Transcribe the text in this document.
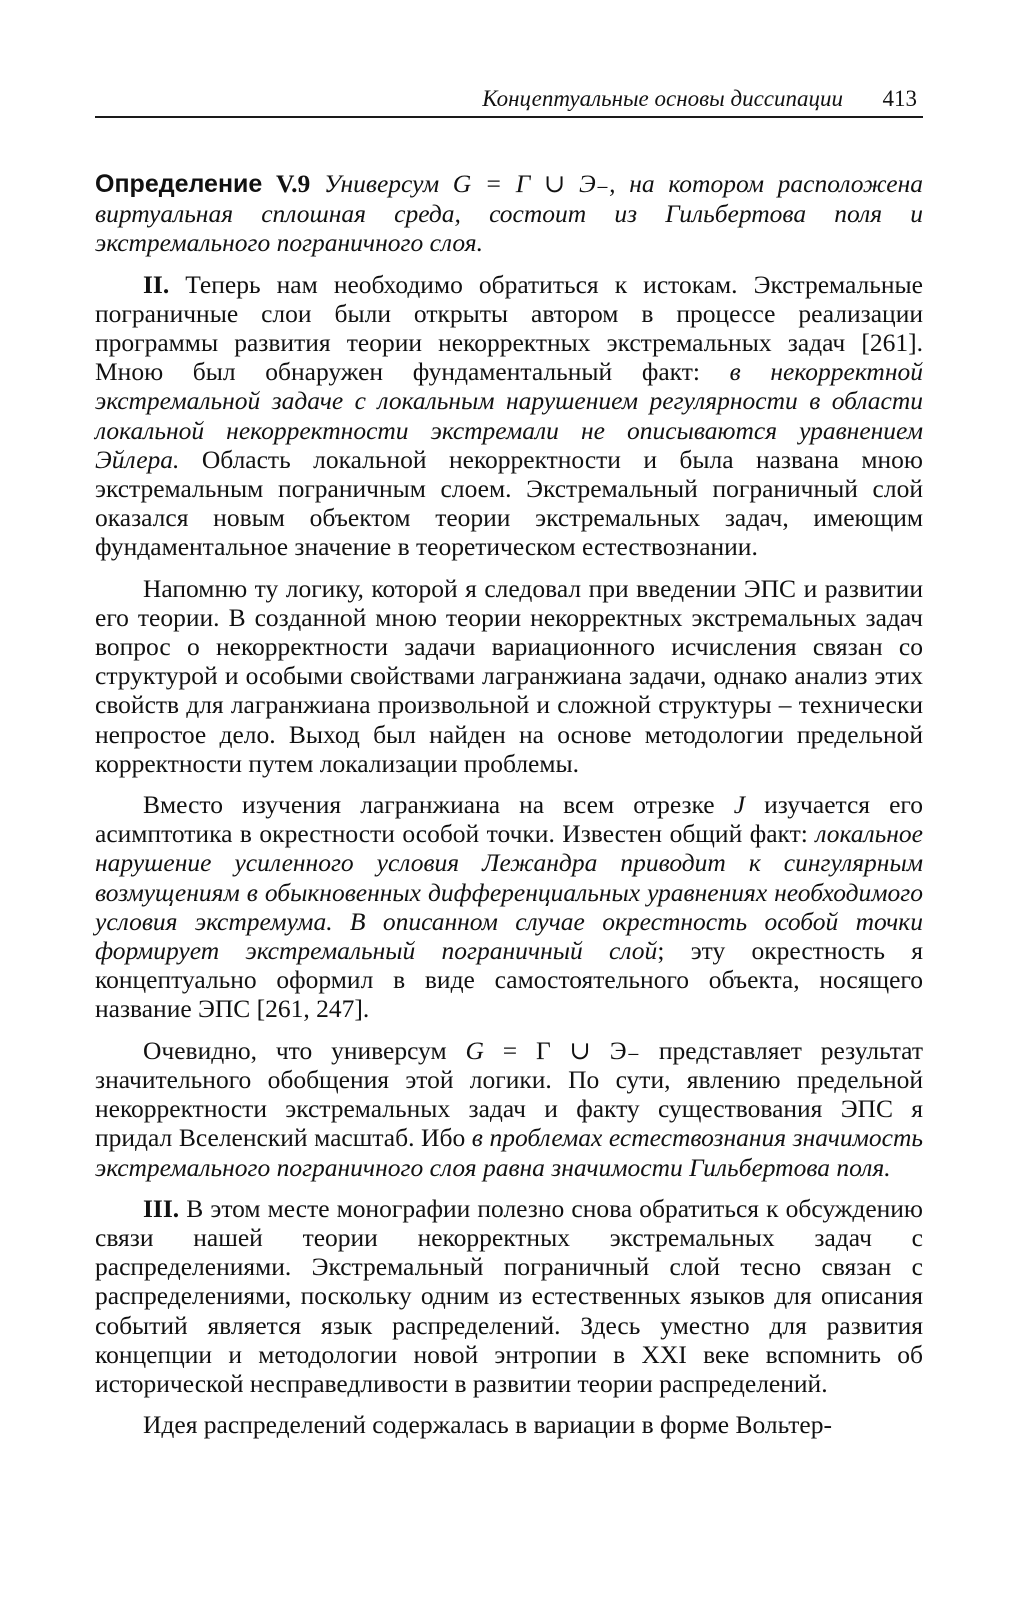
Концептуальные основы диссипации 413

Определение V.9 Универсум G = Γ ∪ Э₋, на котором расположена виртуальная сплошная среда, состоит из Гильбертова поля и экстремального пограничного слоя.

II. Теперь нам необходимо обратиться к истокам. Экстремальные пограничные слои были открыты автором в процессе реализации программы развития теории некорректных экстремальных задач [261]. Мною был обнаружен фундаментальный факт: в некорректной экстремальной задаче с локальным нарушением регулярности в области локальной некорректности экстремали не описываются уравнением Эйлера. Область локальной некорректности и была названа мною экстремальным пограничным слоем. Экстремальный пограничный слой оказался новым объектом теории экстремальных задач, имеющим фундаментальное значение в теоретическом естествознании.

Напомню ту логику, которой я следовал при введении ЭПС и развитии его теории. В созданной мною теории некорректных экстремальных задач вопрос о некорректности задачи вариационного исчисления связан со структурой и особыми свойствами лагранжиана задачи, однако анализ этих свойств для лагранжиана произвольной и сложной структуры – технически непростое дело. Выход был найден на основе методологии предельной корректности путем локализации проблемы.

Вместо изучения лагранжиана на всем отрезке J изучается его асимптотика в окрестности особой точки. Известен общий факт: локальное нарушение усиленного условия Лежандра приводит к сингулярным возмущениям в обыкновенных дифференциальных уравнениях необходимого условия экстремума. В описанном случае окрестность особой точки формирует экстремальный пограничный слой; эту окрестность я концептуально оформил в виде самостоятельного объекта, носящего название ЭПС [261, 247].

Очевидно, что универсум G = Γ ∪ Э₋ представляет результат значительного обобщения этой логики. По сути, явлению предельной некорректности экстремальных задач и факту существования ЭПС я придал Вселенский масштаб. Ибо в проблемах естествознания значимость экстремального пограничного слоя равна значимости Гильбертова поля.

III. В этом месте монографии полезно снова обратиться к обсуждению связи нашей теории некорректных экстремальных задач с распределениями. Экстремальный пограничный слой тесно связан с распределениями, поскольку одним из естественных языков для описания событий является язык распределений. Здесь уместно для развития концепции и методологии новой энтропии в XXI веке вспомнить об исторической несправедливости в развитии теории распределений.

Идея распределений содержалась в вариации в форме Вольтер-
